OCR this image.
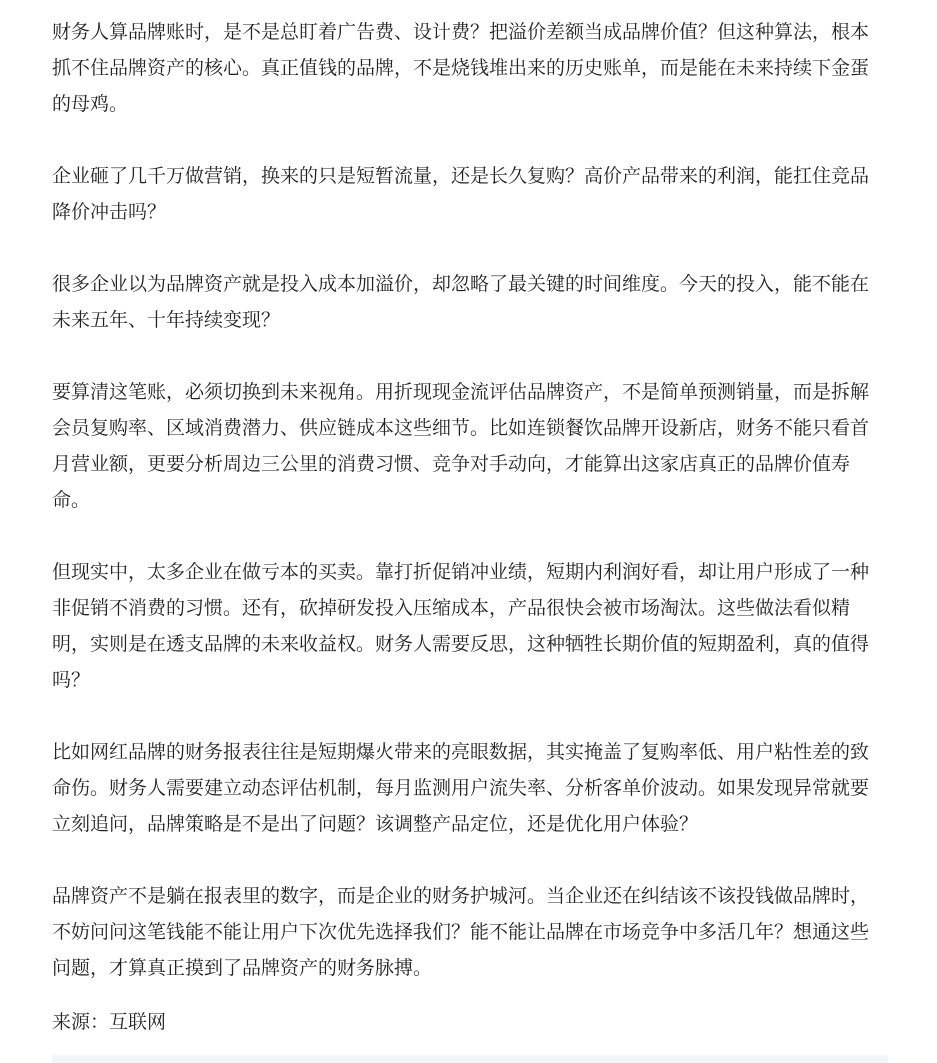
财务人算品牌账时，是不是总盯着广告费、设计费？把溢价差额当成品牌价值？但这种算法，根本抓不住品牌资产的核心。真正值钱的品牌，不是烧钱堆出来的历史账单，而是能在未来持续下金蛋的母鸡。

企业砸了几千万做营销，换来的只是短暂流量，还是长久复购？高价产品带来的利润，能扛住竞品降价冲击吗？

很多企业以为品牌资产就是投入成本加溢价，却忽略了最关键的时间维度。今天的投入，能不能在未来五年、十年持续变现？

要算清这笔账，必须切换到未来视角。用折现现金流评估品牌资产，不是简单预测销量，而是拆解会员复购率、区域消费潜力、供应链成本这些细节。比如连锁餐饮品牌开设新店，财务不能只看首月营业额，更要分析周边三公里的消费习惯、竞争对手动向，才能算出这家店真正的品牌价值寿命。

但现实中，太多企业在做亏本的买卖。靠打折促销冲业绩，短期内利润好看，却让用户形成了一种非促销不消费的习惯。还有，砍掉研发投入压缩成本，产品很快会被市场淘汰。这些做法看似精明，实则是在透支品牌的未来收益权。财务人需要反思，这种牺牲长期价值的短期盈利，真的值得吗？

比如网红品牌的财务报表往往是短期爆火带来的亮眼数据，其实掩盖了复购率低、用户粘性差的致命伤。财务人需要建立动态评估机制，每月监测用户流失率、分析客单价波动。如果发现异常就要立刻追问，品牌策略是不是出了问题？该调整产品定位，还是优化用户体验？

品牌资产不是躺在报表里的数字，而是企业的财务护城河。当企业还在纠结该不该投钱做品牌时，不妨问问这笔钱能不能让用户下次优先选择我们？能不能让品牌在市场竞争中多活几年？想通这些问题，才算真正摸到了品牌资产的财务脉搏。

来源：互联网
